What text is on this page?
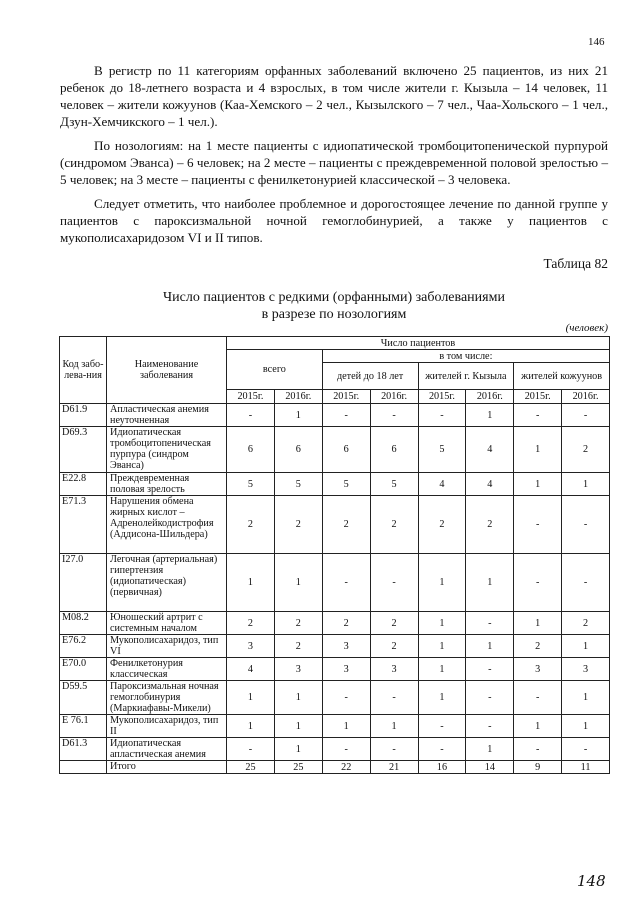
146

В регистр по 11 категориям орфанных заболеваний включено 25 пациентов, из них 21 ребенок до 18-летнего возраста и 4 взрослых, в том числе жители г. Кызыла – 14 человек, 11 человек – жители кожуунов (Каа-Хемского – 2 чел., Кызылского – 7 чел., Чаа-Хольского – 1 чел., Дзун-Хемчикского – 1 чел.).

По нозологиям: на 1 месте пациенты с идиопатической тромбоцитопенической пурпурой (синдромом Эванса) – 6 человек; на 2 месте – пациенты с преждевременной половой зрелостью – 5 человек; на 3 месте – пациенты с фенилкетонурией классической – 3 человека.

Следует отметить, что наиболее проблемное и дорогостоящее лечение по данной группе у пациентов с пароксизмальной ночной гемоглобинурией, а также у пациентов с мукополисахаридозом VI и II типов.

Таблица 82
Число пациентов с редкими (орфанными) заболеваниями
в разрезе по нозологиям
(человек)
Код забо-лева-ния	Наименование заболевания	Число пациентов							
		всего		в том числе:					
				детей до 18 лет		жителей г. Кызыла		жителей кожуунов	
		2015г.	2016г.	2015г.	2016г.	2015г.	2016г.	2015г.	2016г.
D61.9	Апластическая анемия неуточненная	-	1	-	-	-	1	-	-
D69.3	Идиопатическая тромбоцитопеническая пурпура (синдром Эванса)	6	6	6	6	5	4	1	2
E22.8	Преждевременная половая зрелость	5	5	5	5	4	4	1	1
E71.3	Нарушения обмена жирных кислот – Адренолейкодистрофия (Аддисона-Шильдера)	2	2	2	2	2	2	-	-
I27.0	Легочная (артериальная) гипертензия (идиопатическая) (первичная)	1	1	-	-	1	1	-	-
M08.2	Юношеский артрит с системным началом	2	2	2	2	1	-	1	2
E76.2	Мукополисахаридоз, тип VI	3	2	3	2	1	1	2	1
E70.0	Фенилкетонурия классическая	4	3	3	3	1	-	3	3
D59.5	Пароксизмальная ночная гемоглобинурия (Маркиафавы-Микели)	1	1	-	-	1	-	-	1
E 76.1	Мукополисахаридоз, тип II	1	1	1	1	-	-	1	1
D61.3	Идиопатическая апластическая анемия	-	1	-	-	-	1	-	-
	Итого	25	25	22	21	16	14	9	11
148
